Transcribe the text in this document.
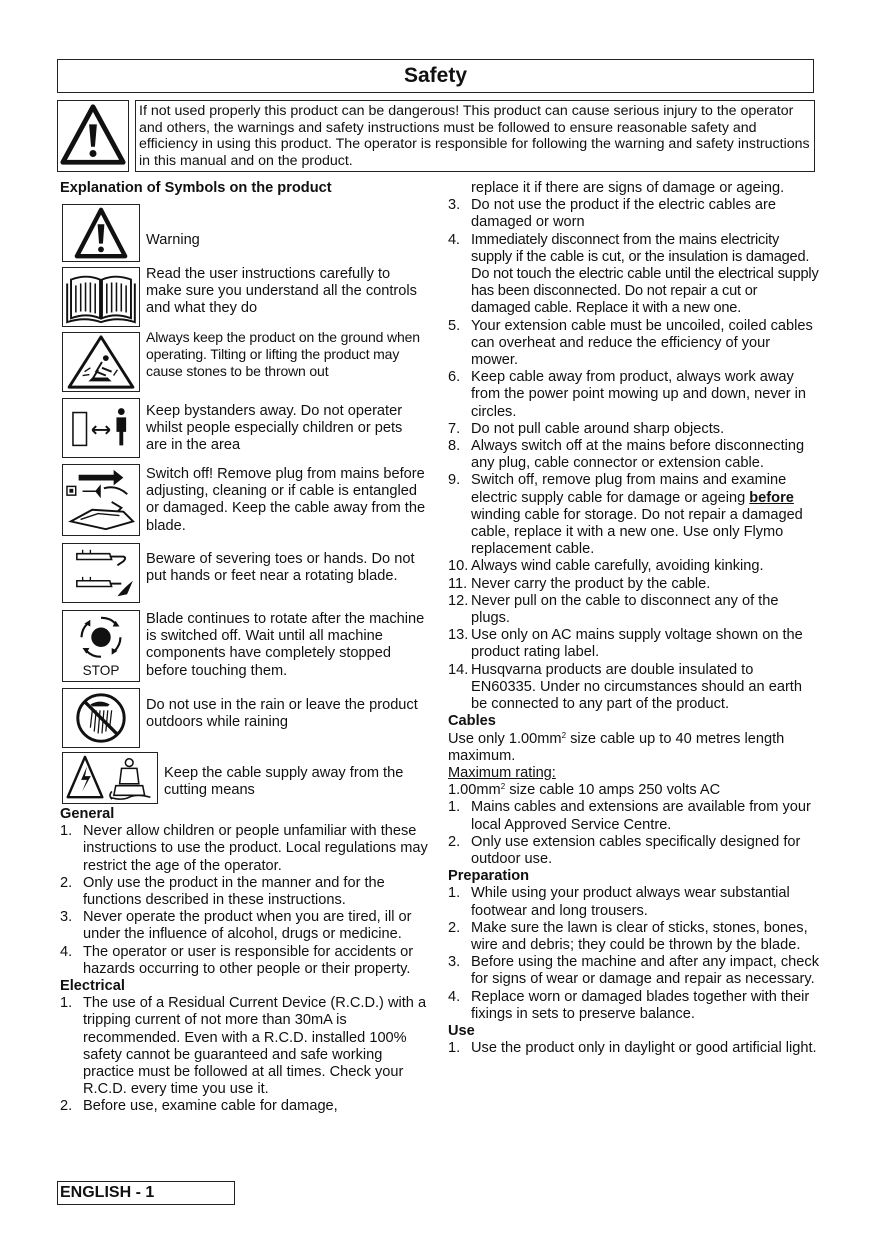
Safety
If not used properly this product can be dangerous! This product can cause serious injury to the operator and others, the warnings and safety instructions must be followed to ensure reasonable safety and efficiency in using this product. The operator is responsible for following the warning and safety instructions in this manual and on the product.
Explanation of Symbols on the product
Warning
Read the user instructions carefully to make sure you understand all the controls and what they do
Always keep the product on the ground when operating. Tilting or lifting the product may cause stones to be thrown out
Keep bystanders away. Do not operater whilst people especially children or pets are in the area
Switch off! Remove plug from mains before adjusting, cleaning or if cable is entangled or damaged. Keep the cable away from the blade.
Beware of severing toes or hands. Do not put hands or feet near a rotating blade.
STOP
Blade continues to rotate after the machine is switched off. Wait until all machine components have completely stopped before touching them.
Do not use in the rain or leave the product outdoors while raining
Keep the cable supply away from the cutting means
General
1. Never allow children or people unfamiliar with these instructions to use the product. Local regulations may restrict the age of the operator.
2. Only use the product in the manner and for the functions described in these instructions.
3. Never operate the product when you are tired, ill or under the influence of alcohol, drugs or medicine.
4. The operator or user is responsible for accidents or hazards occurring to other people or their property.
Electrical
1. The use of a Residual Current Device (R.C.D.) with a tripping current of not more than 30mA is recommended. Even with a R.C.D. installed 100% safety cannot be guaranteed and safe working practice must be followed at all times. Check your R.C.D. every time you use it.
2. Before use, examine cable for damage,
replace it if there are signs of damage or ageing.
3. Do not use the product if the electric cables are damaged or worn
4. Immediately disconnect from the mains electricity supply if the cable is cut, or the insulation is damaged. Do not touch the electric cable until the electrical supply has been disconnected. Do not repair a cut or damaged cable. Replace it with a new one.
5. Your extension cable must be uncoiled, coiled cables can overheat and reduce the efficiency of your mower.
6. Keep cable away from product, always work away from the power point mowing up and down, never in circles.
7. Do not pull cable around sharp objects.
8. Always switch off at the mains before disconnecting any plug, cable connector or extension cable.
9. Switch off, remove plug from mains and examine electric supply cable for damage or ageing before winding cable for storage. Do not repair a damaged cable, replace it with a new one. Use only Flymo replacement cable.
10. Always wind cable carefully, avoiding kinking.
11. Never carry the product by the cable.
12. Never pull on the cable to disconnect any of the plugs.
13. Use only on AC mains supply voltage shown on the product rating label.
14. Husqvarna products are double insulated to EN60335. Under no circumstances should an earth be connected to any part of the product.
Cables
Use only $1.00mm^2$ size cable up to 40 metres length maximum.
Maximum rating:
$1.00mm^2$ size cable 10 amps 250 volts AC
1. Mains cables and extensions are available from your local Approved Service Centre.
2. Only use extension cables specifically designed for outdoor use.
Preparation
1. While using your product always wear substantial footwear and long trousers.
2. Make sure the lawn is clear of sticks, stones, bones, wire and debris; they could be thrown by the blade.
3. Before using the machine and after any impact, check for signs of wear or damage and repair as necessary.
4. Replace worn or damaged blades together with their fixings in sets to preserve balance.
Use
1. Use the product only in daylight or good artificial light.
ENGLISH - 1
